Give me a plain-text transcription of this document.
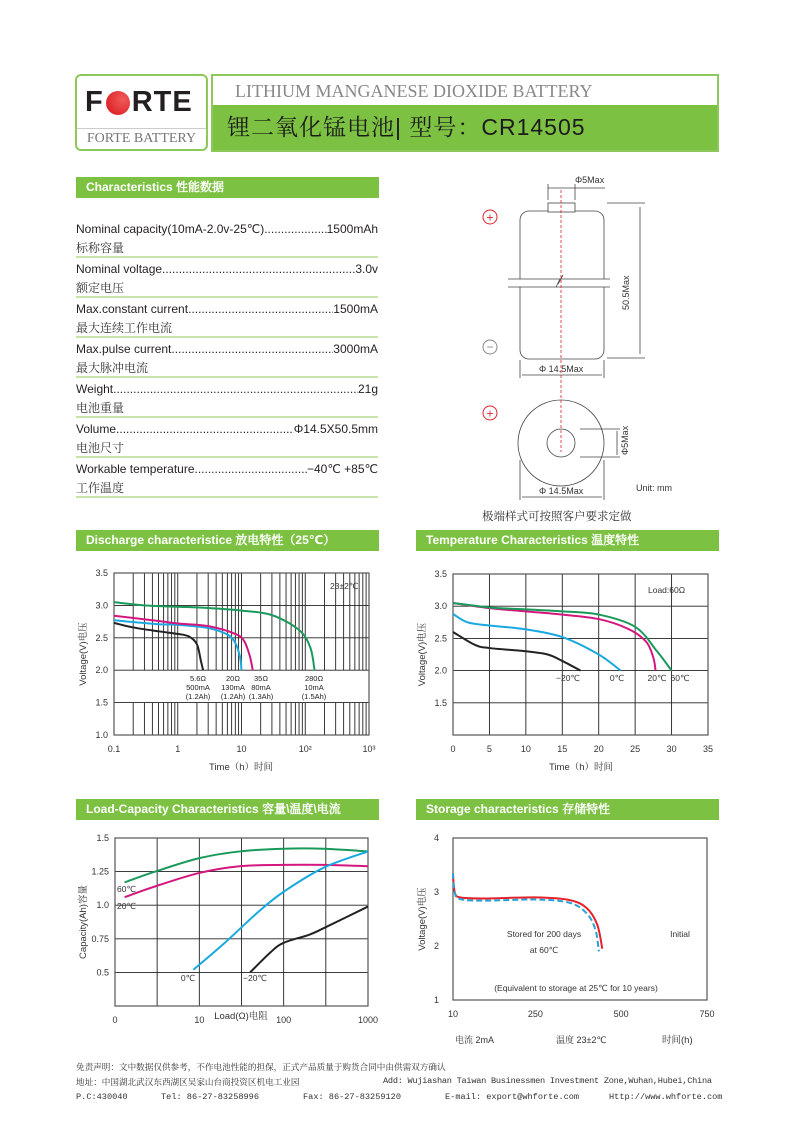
F RTE
FORTE BATTERY
LITHIUM MANGANESE DIOXIDE BATTERY
锂二氧化锰电池| 型号：CR14505
Characteristics 性能数据
Nominal capacity(10mA-2.0v-25℃) .....	1500mAh
标称容量
Nominal voltage .....	3.0v
额定电压
Max.constant current .....	1500mA
最大连续工作电流
Max.pulse current .....	3000mA
最大脉冲电流
Weight .....	21g
电池重量
Volume .....	Φ14.5X50.5mm
电池尺寸
Workable temperature .....	−40℃ +85℃
工作温度
Φ5Max
50.5Max
Φ 14.5Max
Φ5Max
Φ 14.5Max	Unit: mm
极端样式可按照客户要求定做
+
−
+
Discharge characteristice 放电特性（25℃）	Temperature Characteristics 温度特性
Load-Capacity Characteristics 容量\温度\电流	Storage characteristics 存储特性
5.6Ω 500mA (1.2Ah)
20Ω 130mA (1.2Ah)
35Ω 80mA (1.3Ah)
280Ω 10mA (1.5Ah)
0.1	1	10	10²	10³
1.0
1.5
2.0
2.5
3.0
3.5
Time（h）时间
Voltage(V)电压
23±2℃
0	5	10	15	20	25	30	35
1.5
2.0
2.5
3.0
3.5
Time（h）时间
Voltage(V)电压
Load:60Ω
−20℃	0℃	20℃ 60℃
0	10	100	1000
0.5
0.75
1.0
1.25
1.5
Load(Ω)电阻
Capacity(Ah)容量	60℃
20℃
0℃	−20℃
10	250	500	750
1
2
3
4
时间(h)
Voltage(V)电压	Stored for 200 days
at 60℃
Initial
(Equivalent to storage at 25℃ for 10 years)
电流 2mA	温度 23±2℃
免责声明：文中数据仅供参考，不作电池性能的担保，正式产品质量于购货合同中由供需双方确认
地址：中国湖北武汉东西湖区吴家山台商投资区机电工业园	Add: Wujiashan Taiwan Businessmen Investment Zone,Wuhan,Hubei,China
P.C:430040	Tel: 86-27-83258996	Fax: 86-27-83259120	E-mail: export@whforte.com	Http://www.whforte.com
